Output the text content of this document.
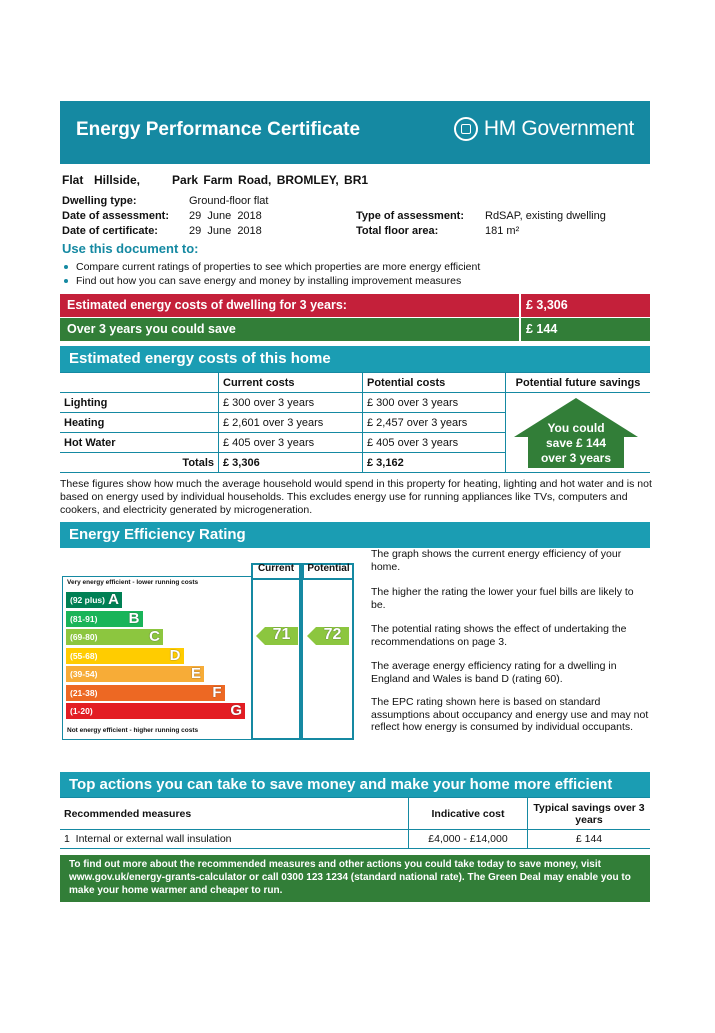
Energy Performance Certificate	HM Government
Flat  Hillside,      Park Farm Road, BROMLEY, BR1
Dwelling type:	Ground-floor flat
Date of assessment: 29  June  2018
Date of certificate:	29  June  2018
Type of assessment: RdSAP, existing dwelling
Total floor area:	181 m²
Use this document to:
Compare current ratings of properties to see which properties are more energy efficient
Find out how you can save energy and money by installing improvement measures
Estimated energy costs of dwelling for 3 years:	£ 3,306
Over 3 years you could save	£ 144
Estimated energy costs of this home
	Current costs	Potential costs	Potential future savings
Lighting	£ 300 over 3 years	£ 300 over 3 years	
Heating	£ 2,601 over 3 years	£ 2,457 over 3 years	
Hot Water	£ 405 over 3 years	£ 405 over 3 years	
Totals	£ 3,306	£ 3,162	
You could
save £ 144
over 3 years
These figures show how much the average household would spend in this property for heating, lighting and hot water and is not based on energy used by individual households. This excludes energy use for running appliances like TVs, computers and cookers, and electricity generated by microgeneration.
Energy Efficiency Rating
Very energy efficient - lower running costs
(92 plus) A
(81-91) B
(69-80)	C
(55-68)	D
(39-54)	E
(21-38)	F
(1-20)	G
Not energy efficient - higher running costs
Current	Potential
71	72
The graph shows the current energy efficiency of your home.
The higher the rating the lower your fuel bills are likely to be.
The potential rating shows the effect of undertaking the recommendations on page 3.
The average energy efficiency rating for a dwelling in England and Wales is band D (rating 60).
The EPC rating shown here is based on standard assumptions about occupancy and energy use and may not reflect how energy is consumed by individual occupants.
Top actions you can take to save money and make your home more efficient
Recommended measures	Indicative cost	Typical savings over 3 years
1  Internal or external wall insulation	£4,000 - £14,000	£ 144
To find out more about the recommended measures and other actions you could take today to save money, visit www.gov.uk/energy-grants-calculator or call 0300 123 1234 (standard national rate). The Green Deal may enable you to make your home warmer and cheaper to run.
